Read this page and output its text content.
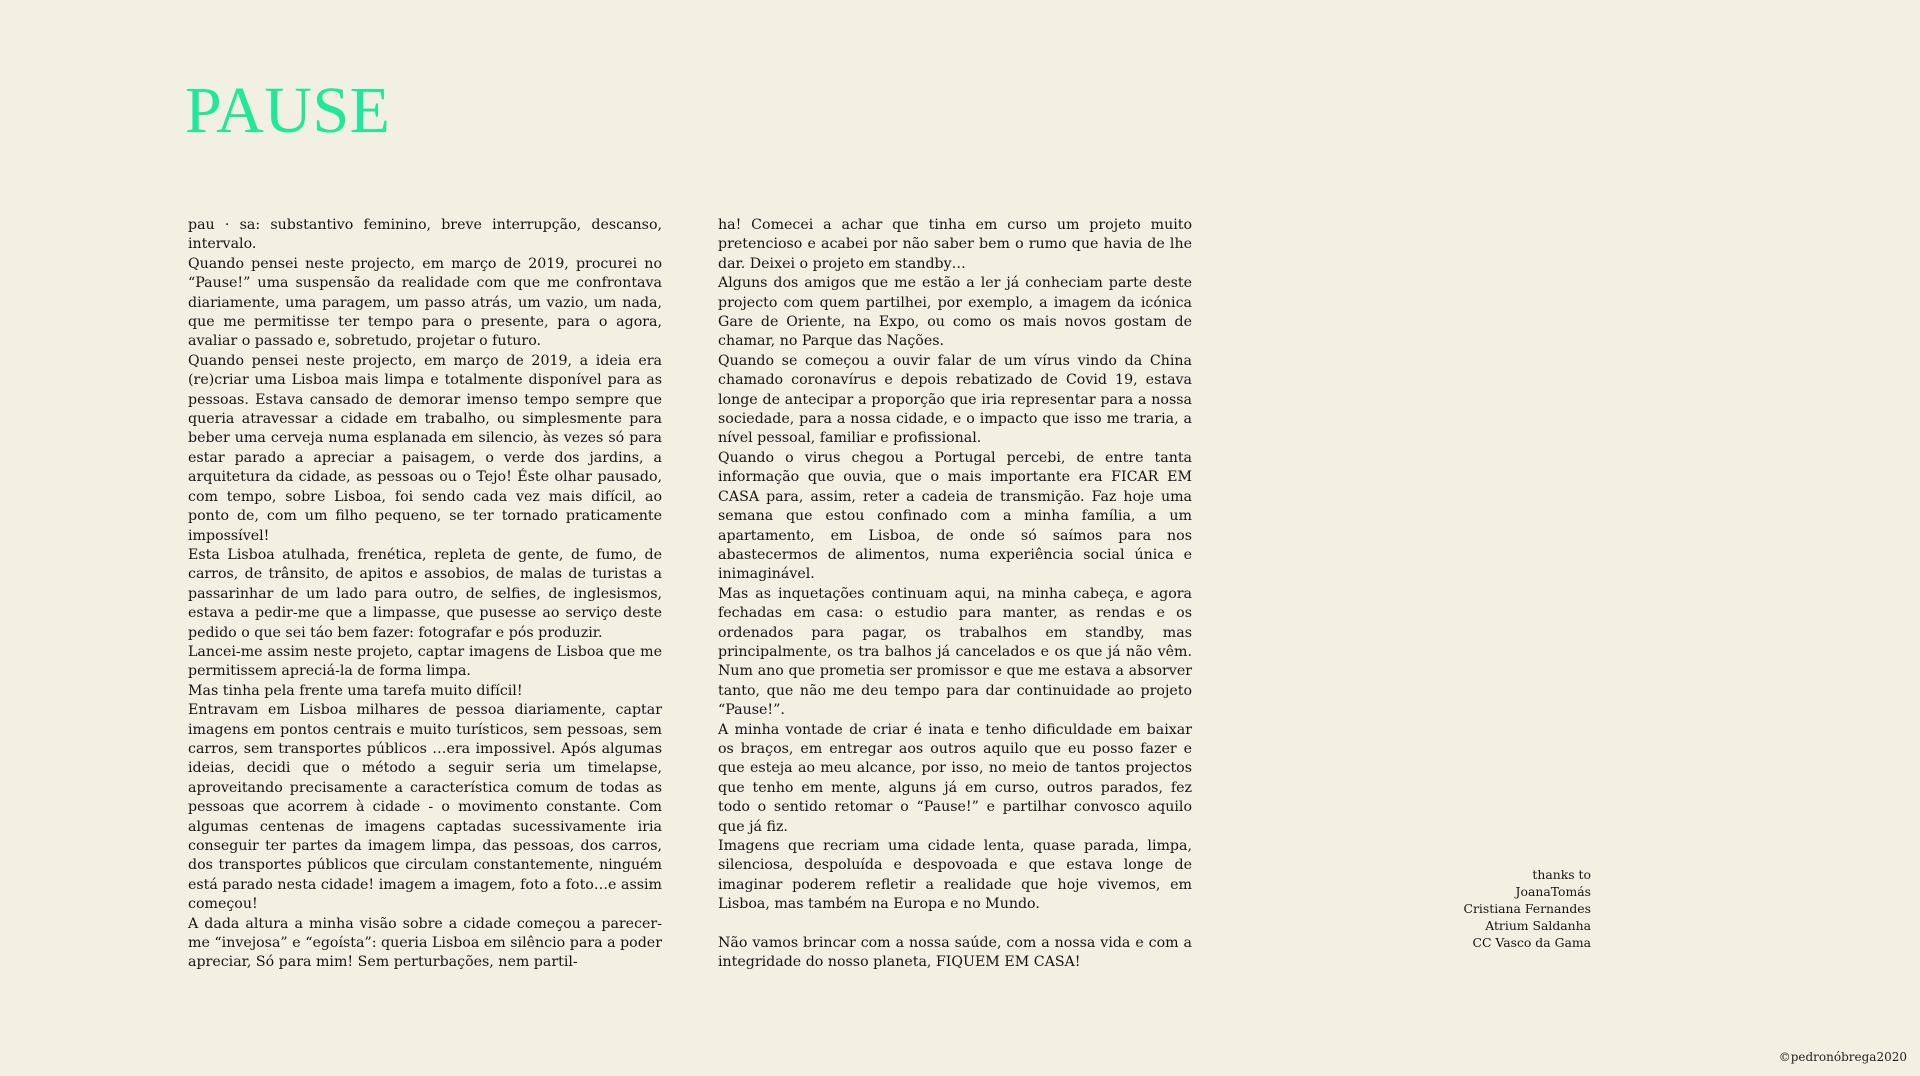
PAUSE

pau · sa: substantivo feminino, breve interrupção, descanso, intervalo.

Quando pensei neste projecto, em março de 2019, procurei no “Pause!” uma suspensão da realidade com que me confrontava diariamente, uma paragem, um passo atrás, um vazio, um nada, que me permitisse ter tempo para o presente, para o agora, avaliar o passado e, sobretudo, projetar o futuro.

Quando pensei neste projecto, em março de 2019, a ideia era (re)criar uma Lisboa mais limpa e totalmente disponível para as pessoas. Estava cansado de demorar imenso tempo sempre que queria atravessar a cidade em trabalho, ou simplesmente para beber uma cerveja numa esplanada em silencio, às vezes só para estar parado a apreciar a paisagem, o verde dos jardins, a arquitetura da cidade, as pessoas ou o Tejo! Éste olhar pausado, com tempo, sobre Lisboa, foi sendo cada vez mais difícil, ao ponto de, com um filho pequeno, se ter tornado praticamente impossível!

Esta Lisboa atulhada, frenética, repleta de gente, de fumo, de carros, de trânsito, de apitos e assobios, de malas de turistas a passarinhar de um lado para outro, de selfies, de inglesismos, estava a pedir-me que a limpasse, que pusesse ao serviço deste pedido o que sei táo bem fazer: fotografar e pós produzir.

Lancei-me assim neste projeto, captar imagens de Lisboa que me permitissem apreciá-la de forma limpa.

Mas tinha pela frente uma tarefa muito difícil!

Entravam em Lisboa milhares de pessoa diariamente, captar imagens em pontos centrais e muito turísticos, sem pessoas, sem carros, sem transportes públicos …era impossivel. Após algumas ideias, decidi que o método a seguir seria um timelapse, aproveitando precisamente a característica comum de todas as pessoas que acorrem à cidade - o movimento constante. Com algumas centenas de imagens captadas sucessivamente iria conseguir ter partes da imagem limpa, das pessoas, dos carros, dos transportes públicos que circulam constantemente, ninguém está parado nesta cidade! imagem a imagem, foto a foto…e assim começou!

A dada altura a minha visão sobre a cidade começou a parecer-me “invejosa” e “egoísta”: queria Lisboa em silêncio para a poder apreciar, Só para mim! Sem perturbações, nem partil-

ha! Comecei a achar que tinha em curso um projeto muito pretencioso e acabei por não saber bem o rumo que havia de lhe dar. Deixei o projeto em standby…

Alguns dos amigos que me estão a ler já conheciam parte deste projecto com quem partilhei, por exemplo, a imagem da icónica Gare de Oriente, na Expo, ou como os mais novos gostam de chamar, no Parque das Nações.

Quando se começou a ouvir falar de um vírus vindo da China chamado coronavírus e depois rebatizado de Covid 19, estava longe de antecipar a proporção que iria representar para a nossa sociedade, para a nossa cidade, e o impacto que isso me traria, a nível pessoal, familiar e profissional.

Quando o virus chegou a Portugal percebi, de entre tanta informação que ouvia, que o mais importante era FICAR EM CASA para, assim, reter a cadeia de transmição. Faz hoje uma semana que estou confinado com a minha família, a um apartamento, em Lisboa, de onde só saímos para nos abastecermos de alimentos, numa experiência social única e inimaginável.

Mas as inquetações continuam aqui, na minha cabeça, e agora fechadas em casa: o estudio para manter, as rendas e os ordenados para pagar, os trabalhos em standby, mas principalmente, os tra balhos já cancelados e os que já não vêm. Num ano que prometia ser promissor e que me estava a absorver tanto, que não me deu tempo para dar continuidade ao projeto “Pause!”.

A minha vontade de criar é inata e tenho dificuldade em baixar os braços, em entregar aos outros aquilo que eu posso fazer e que esteja ao meu alcance, por isso, no meio de tantos projectos que tenho em mente, alguns já em curso, outros parados, fez todo o sentido retomar o “Pause!” e partilhar convosco aquilo que já fiz.

Imagens que recriam uma cidade lenta, quase parada, limpa, silenciosa, despoluída e despovoada e que estava longe de imaginar poderem refletir a realidade que hoje vivemos, em Lisboa, mas também na Europa e no Mundo.

Não vamos brincar com a nossa saúde, com a nossa vida e com a integridade do nosso planeta, FIQUEM EM CASA!

thanks to
JoanaTomás
Cristiana Fernandes
Atrium Saldanha
CC Vasco da Gama
©pedronóbrega2020
